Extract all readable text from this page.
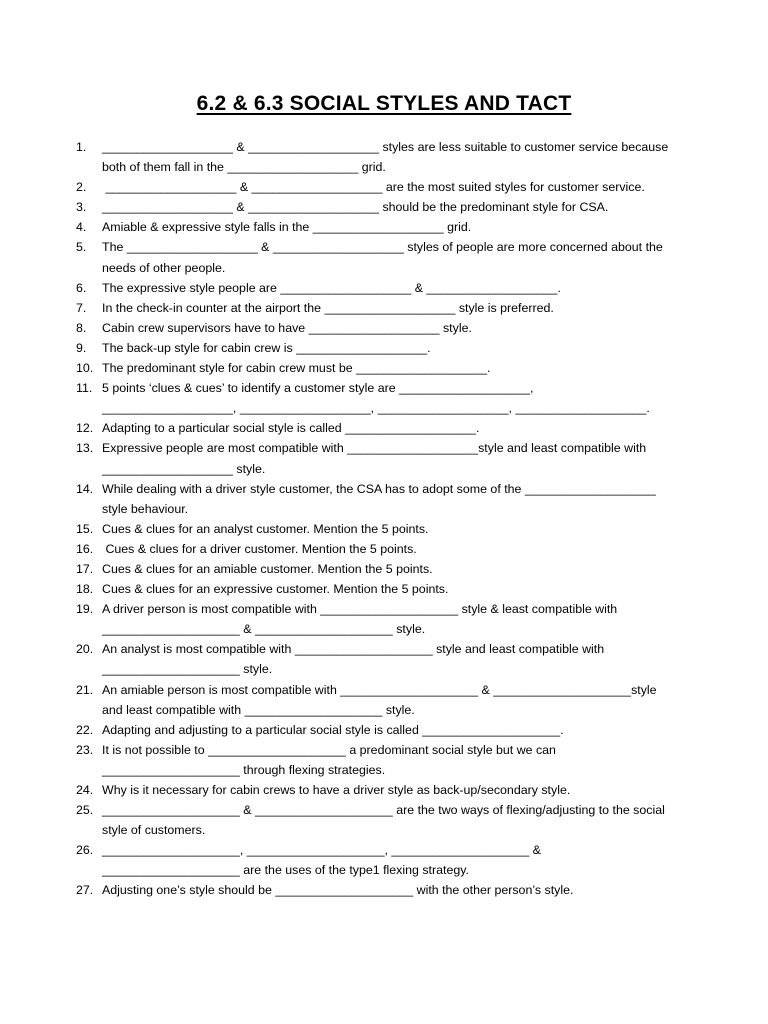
6.2 & 6.3 SOCIAL STYLES AND TACT
1.	___________________ & ___________________ styles are less suitable to customer service because
both of them fall in the ___________________ grid.
2.	___________________ & ___________________ are the most suited styles for customer service.
3.	___________________ & ___________________ should be the predominant style for CSA.
4.	Amiable & expressive style falls in the ___________________ grid.
5.	The ___________________ & ___________________ styles of people are more concerned about the
needs of other people.
6.	The expressive style people are ___________________ & ___________________.
7.	In the check-in counter at the airport the ___________________ style is preferred.
8.	Cabin crew supervisors have to have ___________________ style.
9.	The back-up style for cabin crew is ___________________.
10. The predominant style for cabin crew must be ___________________.
11. 5 points ‘clues & cues’ to identify a customer style are ___________________,
___________________, ___________________, ___________________, ___________________.
12. Adapting to a particular social style is called ___________________.
13. Expressive people are most compatible with ___________________style and least compatible with
___________________ style.
14. While dealing with a driver style customer, the CSA has to adopt some of the ___________________
style behaviour.
15. Cues & clues for an analyst customer. Mention the 5 points.
16. Cues & clues for a driver customer. Mention the 5 points.
17. Cues & clues for an amiable customer. Mention the 5 points.
18. Cues & clues for an expressive customer. Mention the 5 points.
19. A driver person is most compatible with ____________________ style & least compatible with
____________________ & ____________________ style.
20. An analyst is most compatible with ____________________ style and least compatible with
____________________ style.
21. An amiable person is most compatible with ____________________ & ____________________style
and least compatible with ____________________ style.
22. Adapting and adjusting to a particular social style is called ____________________.
23. It is not possible to ____________________ a predominant social style but we can
____________________ through flexing strategies.
24. Why is it necessary for cabin crews to have a driver style as back-up/secondary style.
25. ____________________ & ____________________ are the two ways of flexing/adjusting to the social
style of customers.
26. ____________________, ____________________, ____________________ &
____________________ are the uses of the type1 flexing strategy.
27. Adjusting one’s style should be ____________________ with the other person’s style.
